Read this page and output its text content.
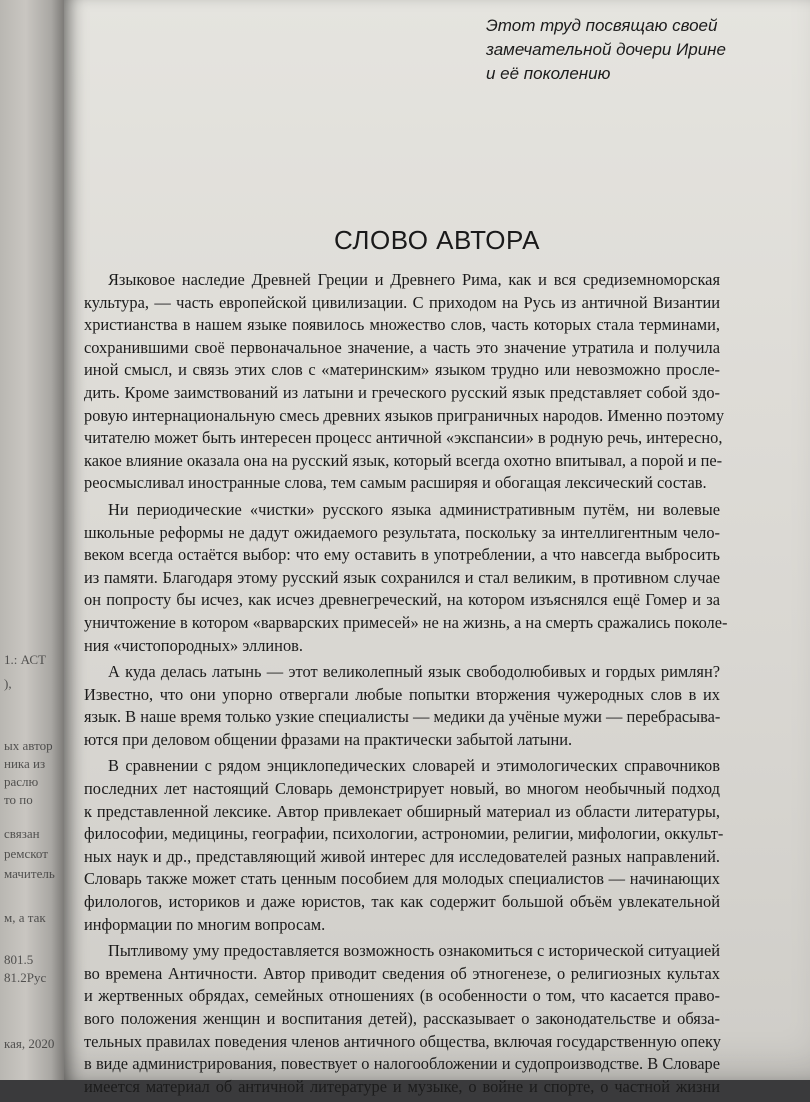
1.: АСТ
),
ых автор
ника из
раслю
то по
связан
ремскот
мачитель
м, а так
801.5
81.2Рус
кая, 2020
Этот труд посвящаю своей
замечательной дочери Ирине
и её поколению
СЛОВО АВТОРА
Языковое наследие Древней Греции и Древнего Рима, как и вся средиземноморская
культура, — часть европейской цивилизации. С приходом на Русь из античной Византии
христианства в нашем языке появилось множество слов, часть которых стала терминами,
сохранившими своё первоначальное значение, а часть это значение утратила и получила
иной смысл, и связь этих слов с «материнским» языком трудно или невозможно просле-
дить. Кроме заимствований из латыни и греческого русский язык представляет собой здо-
ровую интернациональную смесь древних языков приграничных народов. Именно поэтому
читателю может быть интересен процесс античной «экспансии» в родную речь, интересно,
какое влияние оказала она на русский язык, который всегда охотно впитывал, а порой и пе-
реосмысливал иностранные слова, тем самым расширяя и обогащая лексический состав.
Ни периодические «чистки» русского языка административным путём, ни волевые
школьные реформы не дадут ожидаемого результата, поскольку за интеллигентным чело-
веком всегда остаётся выбор: что ему оставить в употреблении, а что навсегда выбросить
из памяти. Благодаря этому русский язык сохранился и стал великим, в противном случае
он попросту бы исчез, как исчез древнегреческий, на котором изъяснялся ещё Гомер и за
уничтожение в котором «варварских примесей» не на жизнь, а на смерть сражались поколе-
ния «чистопородных» эллинов.
А куда делась латынь — этот великолепный язык свободолюбивых и гордых римлян?
Известно, что они упорно отвергали любые попытки вторжения чужеродных слов в их
язык. В наше время только узкие специалисты — медики да учёные мужи — перебрасыва-
ются при деловом общении фразами на практически забытой латыни.
В сравнении с рядом энциклопедических словарей и этимологических справочников
последних лет настоящий Словарь демонстрирует новый, во многом необычный подход
к представленной лексике. Автор привлекает обширный материал из области литературы,
философии, медицины, географии, психологии, астрономии, религии, мифологии, оккульт-
ных наук и др., представляющий живой интерес для исследователей разных направлений.
Словарь также может стать ценным пособием для молодых специалистов — начинающих
филологов, историков и даже юристов, так как содержит большой объём увлекательной
информации по многим вопросам.
Пытливому уму предоставляется возможность ознакомиться с исторической ситуацией
во времена Античности. Автор приводит сведения об этногенезе, о религиозных культах
и жертвенных обрядах, семейных отношениях (в особенности о том, что касается право-
вого положения женщин и воспитания детей), рассказывает о законодательстве и обяза-
тельных правилах поведения членов античного общества, включая государственную опеку
в виде администрирования, повествует о налогообложении и судопроизводстве. В Словаре
имеется материал об античной литературе и музыке, о войне и спорте, о частной жизни
